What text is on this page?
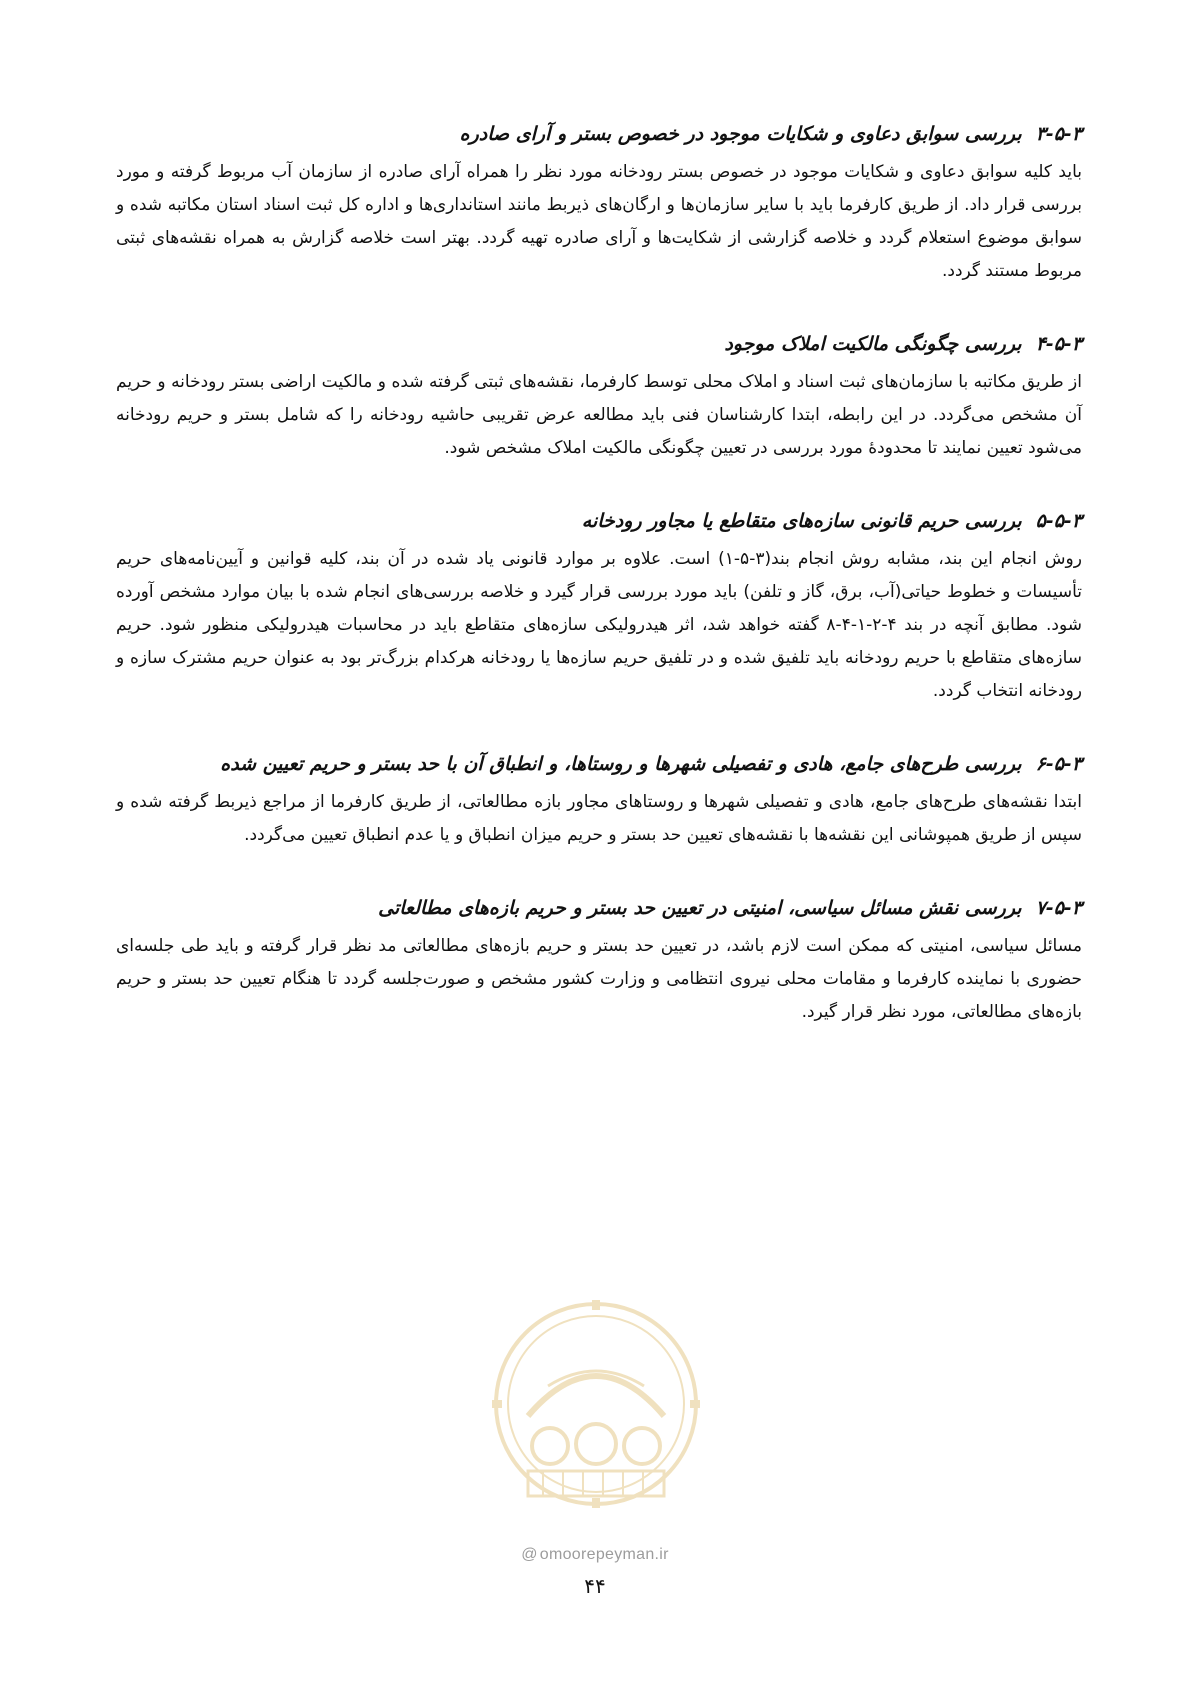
۳-۵-۳بررسی سوابق دعاوی و شکایات موجود در خصوص بستر و آرای صادره

باید کلیه سوابق دعاوی و شکایات موجود در خصوص بستر رودخانه مورد نظر را همراه آرای صادره از سازمان آب مربوط گرفته و مورد بررسی قرار داد. از طریق کارفرما باید با سایر سازمان‌ها و ارگان‌های ذیربط مانند استانداری‌ها و اداره کل ثبت اسناد استان مکاتبه شده و سوابق موضوع استعلام گردد و خلاصه گزارشی از شکایت‌ها و آرای صادره تهیه گردد. بهتر است خلاصه گزارش به همراه نقشه‌های ثبتی مربوط مستند گردد.

۴-۵-۳بررسی چگونگی مالکیت املاک موجود

از طریق مکاتبه با سازمان‌های ثبت اسناد و املاک محلی توسط کارفرما، نقشه‌های ثبتی گرفته شده و مالکیت اراضی بستر رودخانه و حریم آن مشخص می‌گردد. در این رابطه، ابتدا کارشناسان فنی باید مطالعه عرض تقریبی حاشیه رودخانه را که شامل بستر و حریم رودخانه می‌شود تعیین نمایند تا محدودهٔ مورد بررسی در تعیین چگونگی مالکیت املاک مشخص شود.

۵-۵-۳بررسی حریم قانونی سازه‌های متقاطع یا مجاور رودخانه

روش انجام این بند، مشابه روش انجام بند(۳-۵-۱) است. علاوه بر موارد قانونی یاد شده در آن بند، کلیه قوانین و آیین‌نامه‌های حریم تأسیسات و خطوط حیاتی(آب، برق، گاز و تلفن) باید مورد بررسی قرار گیرد و خلاصه بررسی‌های انجام شده با بیان موارد مشخص آورده شود. مطابق آنچه در بند ۴-۲-۱-۴-۸ گفته خواهد شد، اثر هیدرولیکی سازه‌های متقاطع باید در محاسبات هیدرولیکی منظور شود. حریم سازه‌های متقاطع با حریم رودخانه باید تلفیق شده و در تلفیق حریم سازه‌ها یا رودخانه هرکدام بزرگ‌تر بود به عنوان حریم مشترک سازه و رودخانه انتخاب گردد.

۶-۵-۳بررسی طرح‌های جامع، هادی و تفصیلی شهرها و روستاها، و انطباق آن با حد بستر و حریم تعیین شده

ابتدا نقشه‌های طرح‌های جامع، هادی و تفصیلی شهرها و روستاهای مجاور بازه مطالعاتی، از طریق کارفرما از مراجع ذیربط گرفته شده و سپس از طریق همپوشانی این نقشه‌ها با نقشه‌های تعیین حد بستر و حریم میزان انطباق و یا عدم انطباق تعیین می‌گردد.

۷-۵-۳بررسی نقش مسائل سیاسی، امنیتی در تعیین حد بستر و حریم بازه‌های مطالعاتی

مسائل سیاسی، امنیتی که ممکن است لازم باشد، در تعیین حد بستر و حریم بازه‌های مطالعاتی مد نظر قرار گرفته و باید طی جلسه‌ای حضوری با نماینده کارفرما و مقامات محلی نیروی انتظامی و وزارت کشور مشخص و صورت‌جلسه گردد تا هنگام تعیین حد بستر و حریم بازه‌های مطالعاتی، مورد نظر قرار گیرد.

@ omoorepeyman.ir
۴۴
